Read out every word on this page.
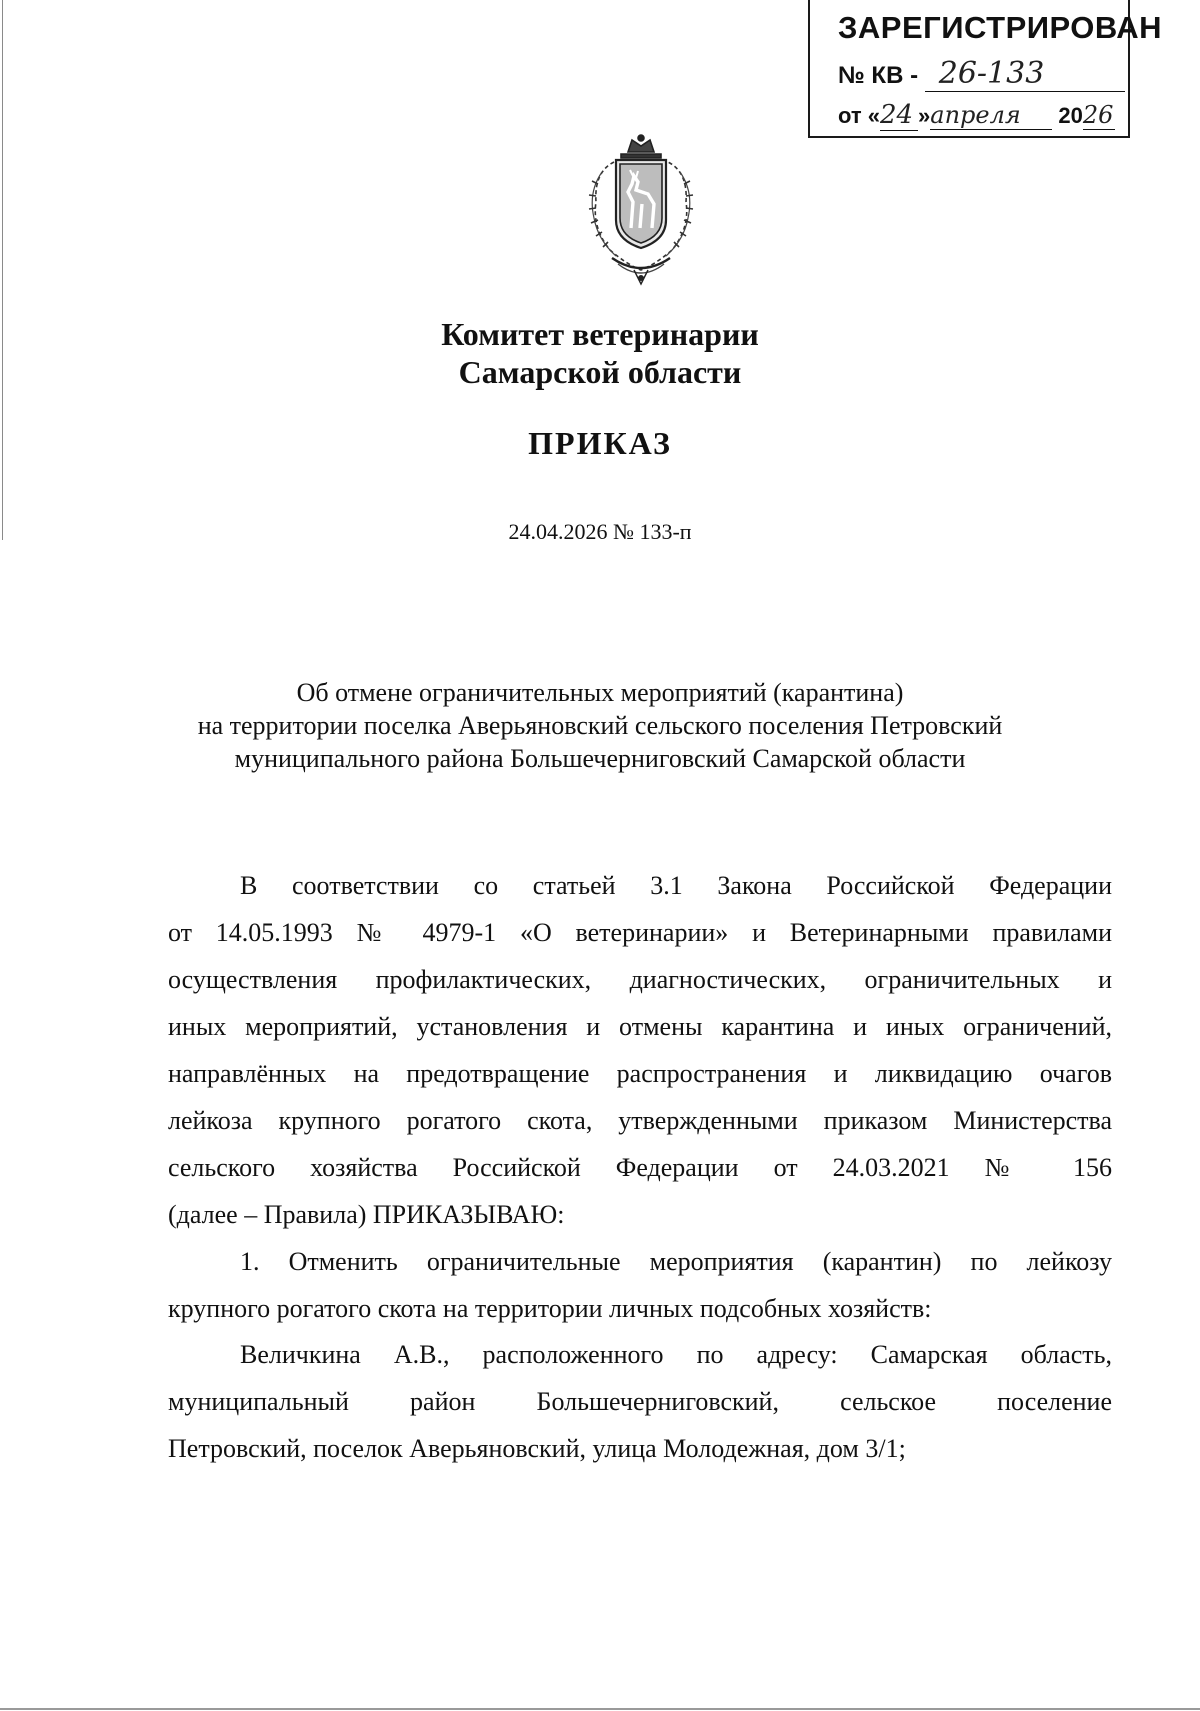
ЗАРЕГИСТРИРОВАН
№ КВ - 26-133
от «24 »апреля 2026
Комитет ветеринарии
Самарской области
ПРИКАЗ
24.04.2026 № 133-п
Об отмене ограничительных мероприятий (карантина)
на территории поселка Аверьяновский сельского поселения Петровский
муниципального района Большечерниговский Самарской области
В соответствии со статьей 3.1 Закона Российской Федерации
от 14.05.1993 № 4979-1 «О ветеринарии» и Ветеринарными правилами
осуществления профилактических, диагностических, ограничительных и
иных мероприятий, установления и отмены карантина и иных ограничений,
направлённых на предотвращение распространения и ликвидацию очагов
лейкоза крупного рогатого скота, утвержденными приказом Министерства
сельского хозяйства Российской Федерации от 24.03.2021 № 156
(далее – Правила) ПРИКАЗЫВАЮ:
1. Отменить ограничительные мероприятия (карантин) по лейкозу
крупного рогатого скота на территории личных подсобных хозяйств:
Величкина А.В., расположенного по адресу: Самарская область,
муниципальный район Большечерниговский, сельское поселение
Петровский, поселок Аверьяновский, улица Молодежная, дом 3/1;
